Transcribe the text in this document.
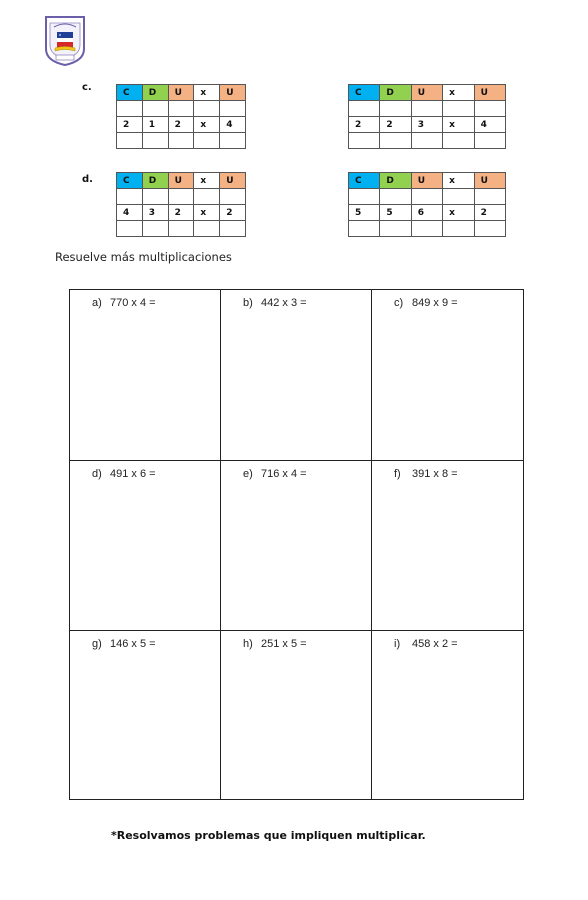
c.	C	D	U	x	U

2	1	2	x	4

C	D	U	x	U

2	2	3	x	4

d.	C	D	U	x	U

4	3	2	x	2

C	D	U	x	U

5	5	6	x	2

Resuelve más multiplicaciones
a) 770 x 4 =	b) 442 x 3 =	c) 849 x 9 =
d) 491 x 6 =	e) 716 x 4 =	f) 391 x 8 =
g) 146 x 5 =	h) 251 x 5 =	i) 458 x 2 =
*Resolvamos problemas que impliquen multiplicar.
